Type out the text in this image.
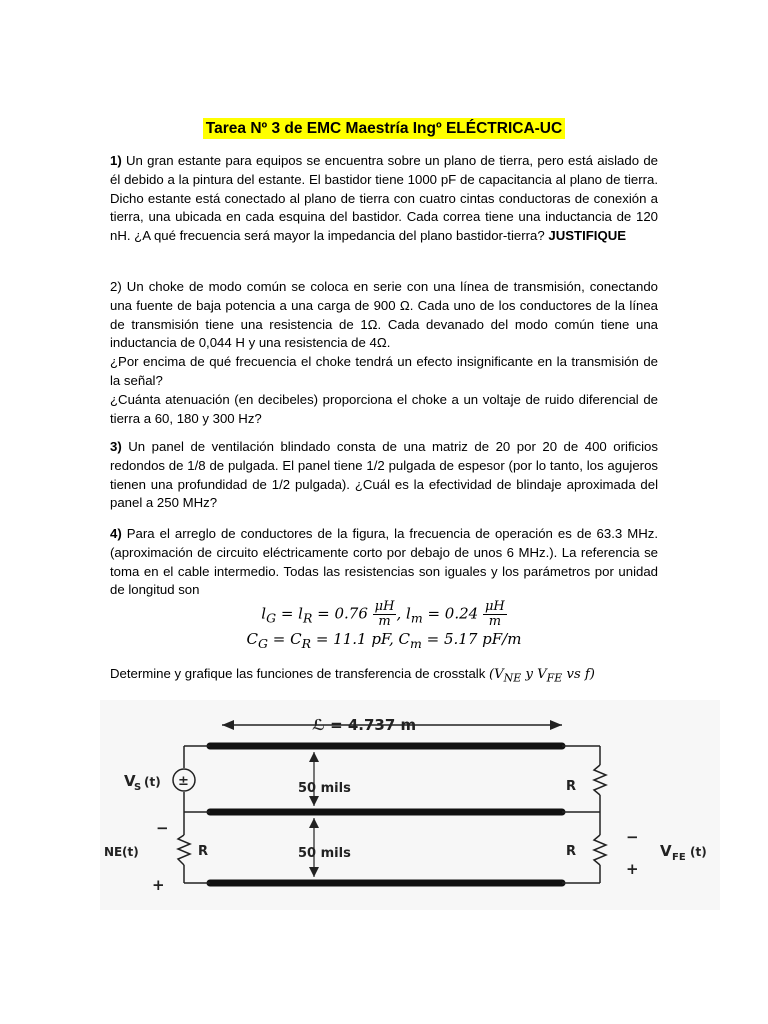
Tarea Nº 3 de EMC Maestría Ingº ELÉCTRICA-UC

1) Un gran estante para equipos se encuentra sobre un plano de tierra, pero está aislado de él debido a la pintura del estante. El bastidor tiene 1000 pF de capacitancia al plano de tierra. Dicho estante está conectado al plano de tierra con cuatro cintas conductoras de conexión a tierra, una ubicada en cada esquina del bastidor. Cada correa tiene una inductancia de 120 nH. ¿A qué frecuencia será mayor la impedancia del plano bastidor-tierra? JUSTIFIQUE

2) Un choke de modo común se coloca en serie con una línea de transmisión, conectando una fuente de baja potencia a una carga de 900 Ω. Cada uno de los conductores de la línea de transmisión tiene una resistencia de 1Ω. Cada devanado del modo común tiene una inductancia de 0,044 H y una resistencia de 4Ω.

¿Por encima de qué frecuencia el choke tendrá un efecto insignificante en la transmisión de la señal?

¿Cuánta atenuación (en decibeles) proporciona el choke a un voltaje de ruido diferencial de tierra a 60, 180 y 300 Hz?

3) Un panel de ventilación blindado consta de una matriz de 20 por 20 de 400 orificios redondos de 1/8 de pulgada. El panel tiene 1/2 pulgada de espesor (por lo tanto, los agujeros tienen una profundidad de 1/2 pulgada). ¿Cuál es la efectividad de blindaje aproximada del panel a 250 MHz?

4) Para el arreglo de conductores de la figura, la frecuencia de operación es de 63.3 MHz. (aproximación de circuito eléctricamente corto por debajo de unos 6 MHz.). La referencia se toma en el cable intermedio. Todas las resistencias son iguales y los parámetros por unidad de longitud son

$l_G = l_R = 0.76 \frac{\mu H}{m}$ , $l_m = 0.24 \frac{\mu H}{m}$
$C_G = C_R = 11.1$ pF, $C_m = 5.17$ pF/m
Determine y grafique las funciones de transferencia de crosstalk ($V_{NE}$ y $V_{FE}$ vs f)
ℒ = 4.737 m
±
V
S (t)
R
−
+
NE (t)
50 mils
50 mils
R
R
−
+
V FE (t)
